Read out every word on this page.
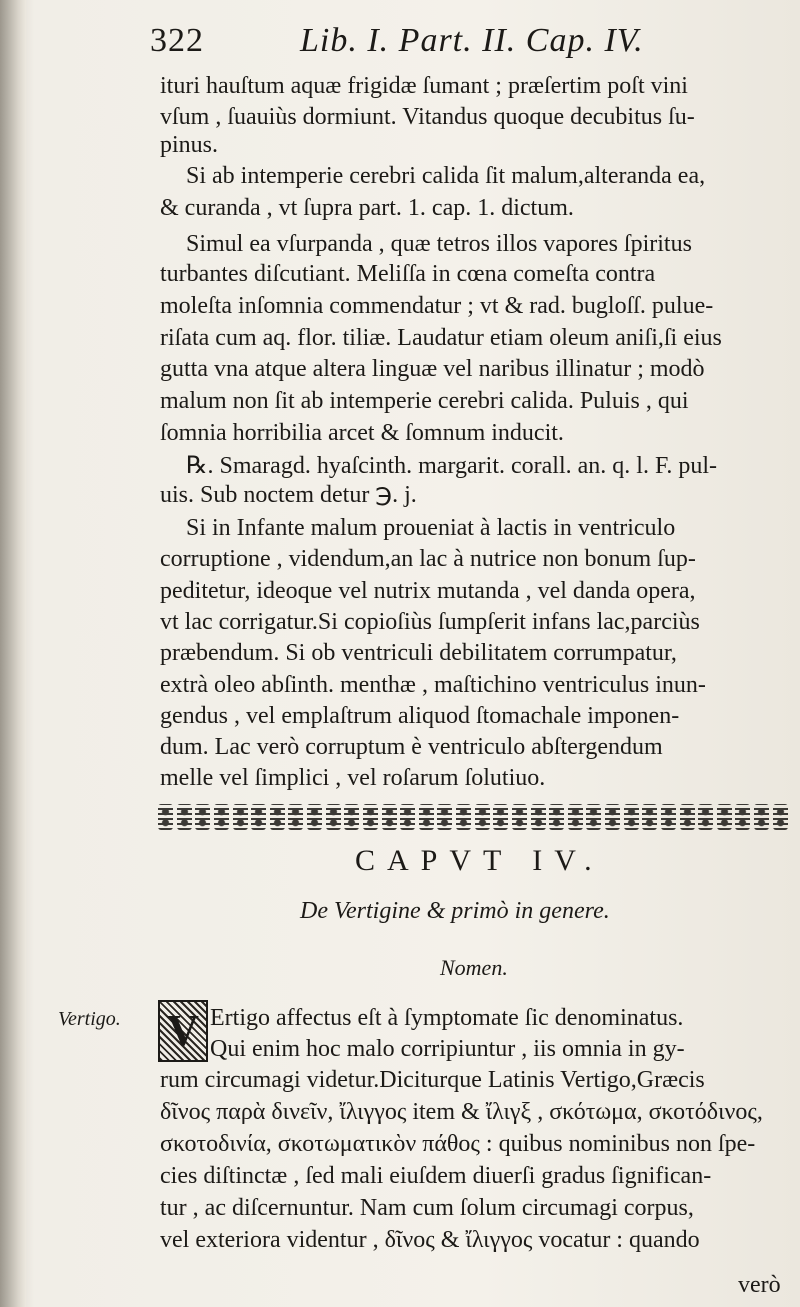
322	Lib. I. Part. II. Cap. IV.
ituri hauſtum aquæ frigidæ ſumant ; præſertim poſt vini
vſum , ſuauiùs dormiunt. Vitandus quoque decubitus ſu-
pinus.
Si ab intemperie cerebri calida ſit malum,alteranda ea,
& curanda , vt ſupra part. 1. cap. 1. dictum.
Simul ea vſurpanda , quæ tetros illos vapores ſpiritus
turbantes diſcutiant. Meliſſa in cœna comeſta contra
moleſta inſomnia commendatur ; vt & rad. bugloſſ. pulue-
riſata cum aq. flor. tiliæ. Laudatur etiam oleum aniſi,ſi eius
gutta vna atque altera linguæ vel naribus illinatur ; modò
malum non ſit ab intemperie cerebri calida. Puluis , qui
ſomnia horribilia arcet & ſomnum inducit.
℞. Smaragd. hyaſcinth. margarit. corall. an. q. l. F. pul-
uis. Sub noctem detur ℈. j.
Si in Infante malum proueniat à lactis in ventriculo
corruptione , videndum,an lac à nutrice non bonum ſup-
peditetur, ideoque vel nutrix mutanda , vel danda opera,
vt lac corrigatur.Si copioſiùs ſumpſerit infans lac,parciùs
præbendum. Si ob ventriculi debilitatem corrumpatur,
extrà oleo abſinth. menthæ , maſtichino ventriculus inun-
gendus , vel emplaſtrum aliquod ſtomachale imponen-
dum. Lac verò corruptum è ventriculo abſtergendum
melle vel ſimplici , vel roſarum ſolutiuo.
CAPVT IV.
De Vertigine & primò in genere.
Nomen.
Vertigo.	V Ertigo affectus eſt à ſymptomate ſic denominatus.
Qui enim hoc malo corripiuntur , iis omnia in gy-
rum circumagi videtur.Diciturque Latinis Vertigo,Græcis
δῖνος παρὰ δινεῖν, ἴλιγγος item & ἴλιγξ , σκότωμα, σκοτόδινος,
σκοτοδινία, σκοτωματικὸν πάθος : quibus nominibus non ſpe-
cies diſtinctæ , ſed mali eiuſdem diuerſi gradus ſignifican-
tur , ac diſcernuntur. Nam cum ſolum circumagi corpus,
vel exteriora videntur , δῖνος & ἴλιγγος vocatur : quando
verò
